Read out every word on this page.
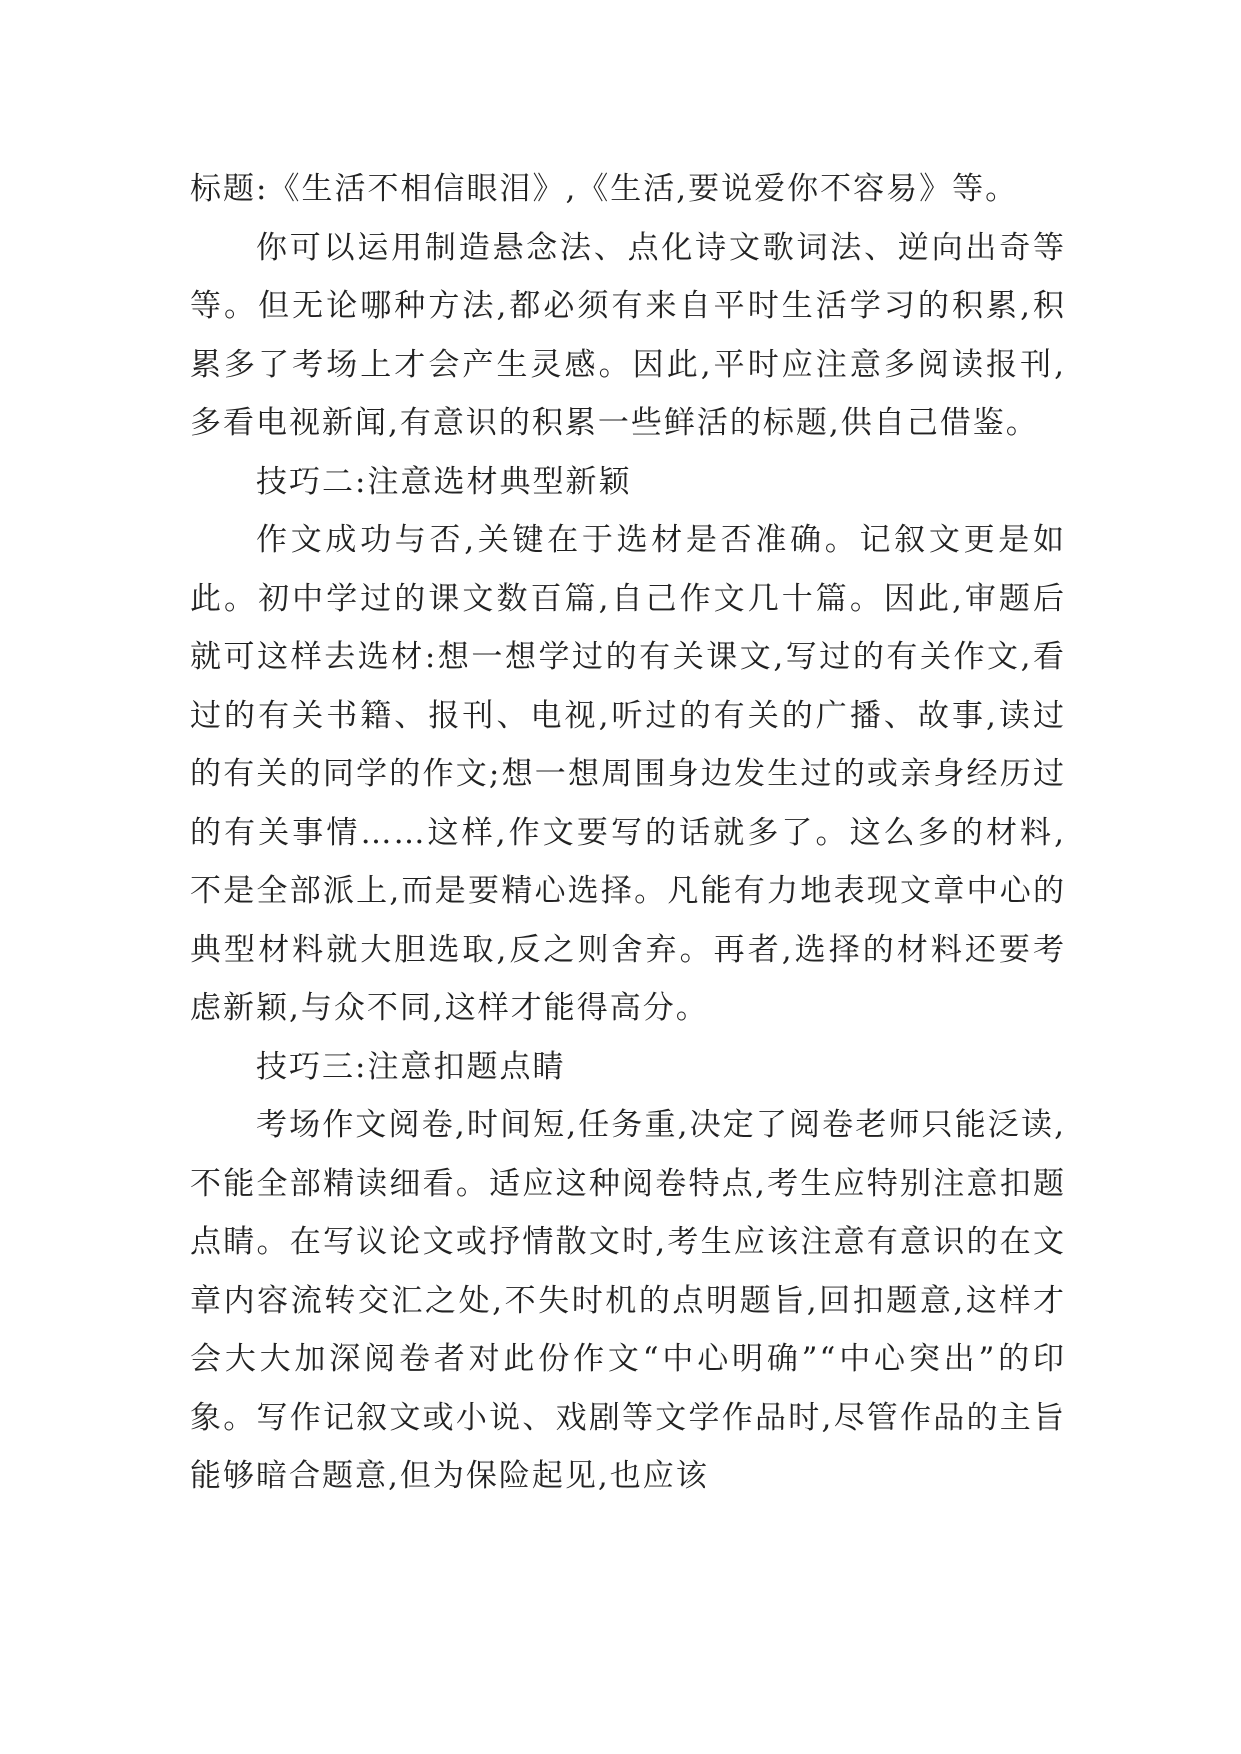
标题:《生活不相信眼泪》,《生活,要说爱你不容易》等。

你可以运用制造悬念法、点化诗文歌词法、逆向出奇等等。但无论哪种方法,都必须有来自平时生活学习的积累,积累多了考场上才会产生灵感。因此,平时应注意多阅读报刊,多看电视新闻,有意识的积累一些鲜活的标题,供自己借鉴。

技巧二:注意选材典型新颖

作文成功与否,关键在于选材是否准确。记叙文更是如此。初中学过的课文数百篇,自己作文几十篇。因此,审题后就可这样去选材:想一想学过的有关课文,写过的有关作文,看过的有关书籍、报刊、电视,听过的有关的广播、故事,读过的有关的同学的作文;想一想周围身边发生过的或亲身经历过的有关事情……这样,作文要写的话就多了。这么多的材料,不是全部派上,而是要精心选择。凡能有力地表现文章中心的典型材料就大胆选取,反之则舍弃。再者,选择的材料还要考虑新颖,与众不同,这样才能得高分。

技巧三:注意扣题点睛

考场作文阅卷,时间短,任务重,决定了阅卷老师只能泛读,不能全部精读细看。适应这种阅卷特点,考生应特别注意扣题点睛。在写议论文或抒情散文时,考生应该注意有意识的在文章内容流转交汇之处,不失时机的点明题旨,回扣题意,这样才会大大加深阅卷者对此份作文“中心明确”“中心突出”的印象。写作记叙文或小说、戏剧等文学作品时,尽管作品的主旨能够暗合题意,但为保险起见,也应该
